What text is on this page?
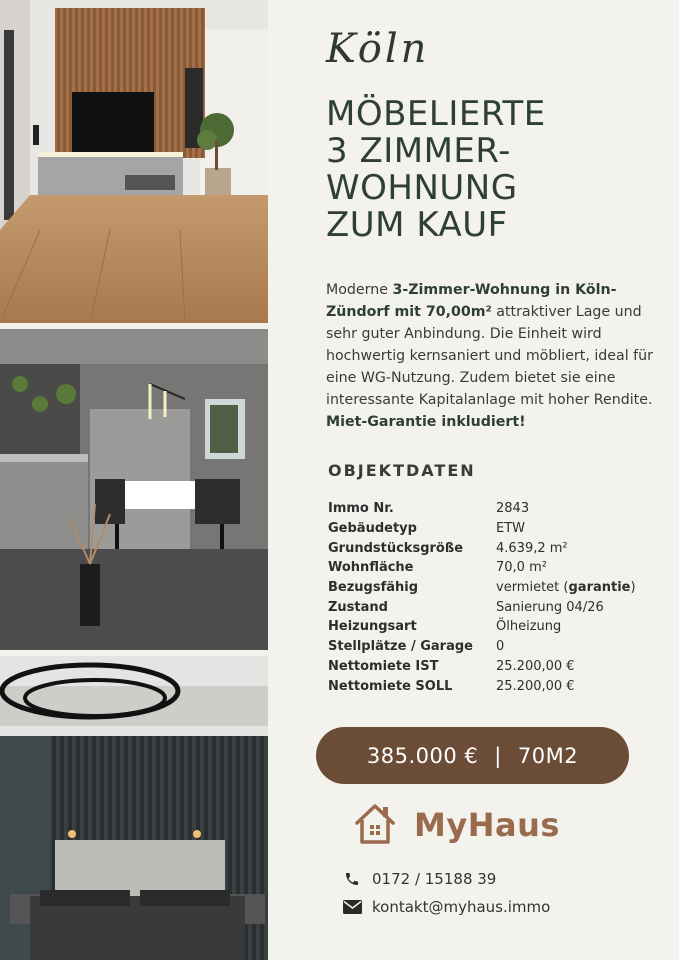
Köln
MÖBELIERTE
3 ZIMMER-
WOHNUNG
ZUM KAUF
Moderne 3-Zimmer-Wohnung in Köln-Zündorf mit 70,00m² attraktiver Lage und sehr guter Anbindung. Die Einheit wird hochwertig kernsaniert und möbliert, ideal für eine WG-Nutzung. Zudem bietet sie eine interessante Kapitalanlage mit hoher Rendite. Miet-Garantie inkludiert!
OBJEKTDATEN
Immo Nr.	2843
Gebäudetyp	ETW
Grundstücksgröße	4.639,2 m²
Wohnfläche	70,0 m²
Bezugsfähig	vermietet (garantie)
Zustand	Sanierung 04/26
Heizungsart	Ölheizung
Stellplätze / Garage	0
Nettomiete IST	25.200,00 €
Nettomiete SOLL	25.200,00 €
385.000 € | 70M2
MyHaus
0172 / 15188 39
kontakt@myhaus.immo
